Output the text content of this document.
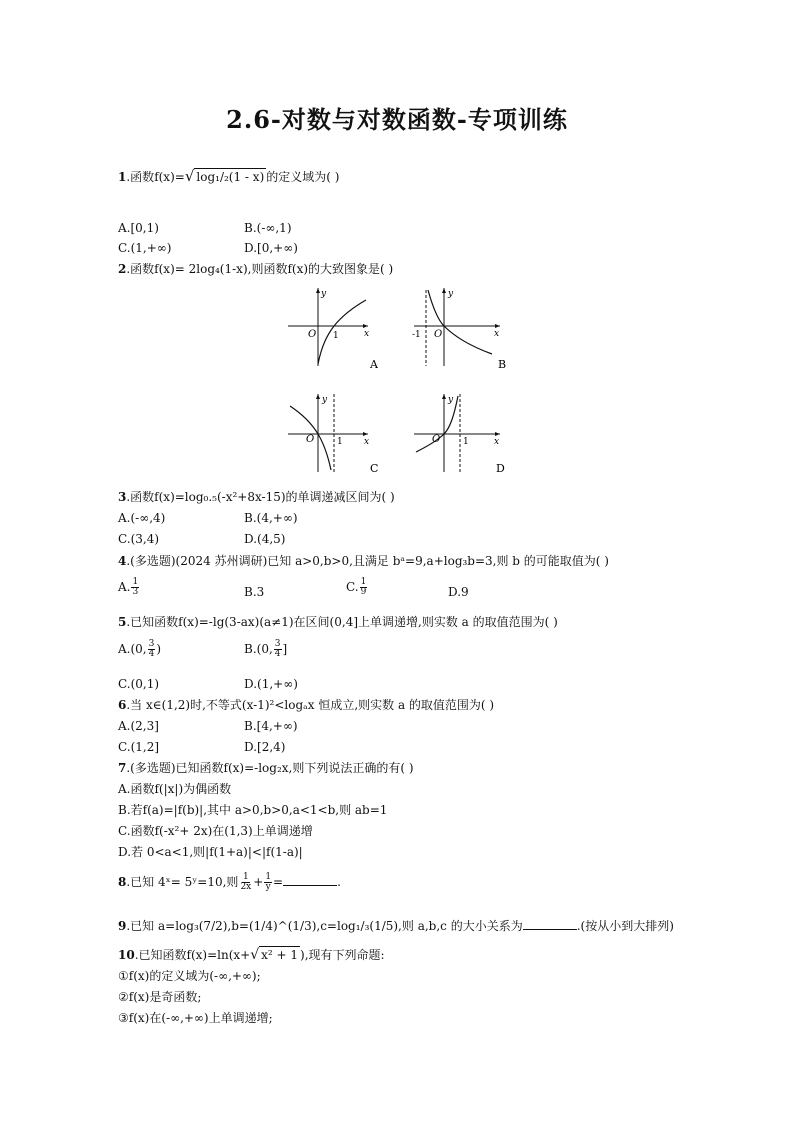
2.6-对数与对数函数-专项训练
1.函数f(x)=√ log₁/₂(1 - x) 的定义域为( )
A.[0,1)	B.(-∞,1)
C.(1,+∞)	D.[0,+∞)
2.函数f(x)= 2log₄(1-x),则函数f(x)的大致图象是( )
y
x
O 1
A
y
x
O
-1
B
y
x
O	1
C
y
x
O	1
D
3.函数f(x)=log₀.₅(-x²+8x-15)的单调递减区间为( )
A.(-∞,4)	B.(4,+∞)
C.(3,4)	D.(4,5)
4.(多选题)(2024 苏州调研)已知 a>0,b>0,且满足 bᵃ=9,a+log₃b=3,则 b 的可能取值为( )
A. $\frac{1}{3}$	B.3	C. $\frac{1}{9}$	D.9
5.已知函数f(x)=-lg(3-ax)(a≠1)在区间(0,4]上单调递增,则实数 a 的取值范围为( )
A.(0, $\frac{3}{4}$ )	B.(0, $\frac{3}{4}$ ]
C.(0,1)	D.(1,+∞)
6.当 x∈(1,2)时,不等式(x-1)²<logₐx 恒成立,则实数 a 的取值范围为( )
A.(2,3]	B.[4,+∞)
C.(1,2]	D.[2,4)
7.(多选题)已知函数f(x)=-log₂x,则下列说法正确的有( )
A.函数f(|x|)为偶函数
B.若f(a)=|f(b)|,其中 a>0,b>0,a<1<b,则 ab=1
C.函数f(-x²+ 2x)在(1,3)上单调递增
D.若 0<a<1,则|f(1+a)|<|f(1-a)|
8.已知 4ˣ= 5ʸ=10,则 $\frac{1}{2x} + \frac{1}{y}$ =	.
9.已知 a=log₃(7/2),b=(1/4)^(1/3),c=log₁/₃(1/5),则 a,b,c 的大小关系为	.(按从小到大排列)
10.已知函数f(x)=ln(x+√ x² + 1 ),现有下列命题:
①f(x)的定义域为(-∞,+∞);
②f(x)是奇函数;
③f(x)在(-∞,+∞)上单调递增;
